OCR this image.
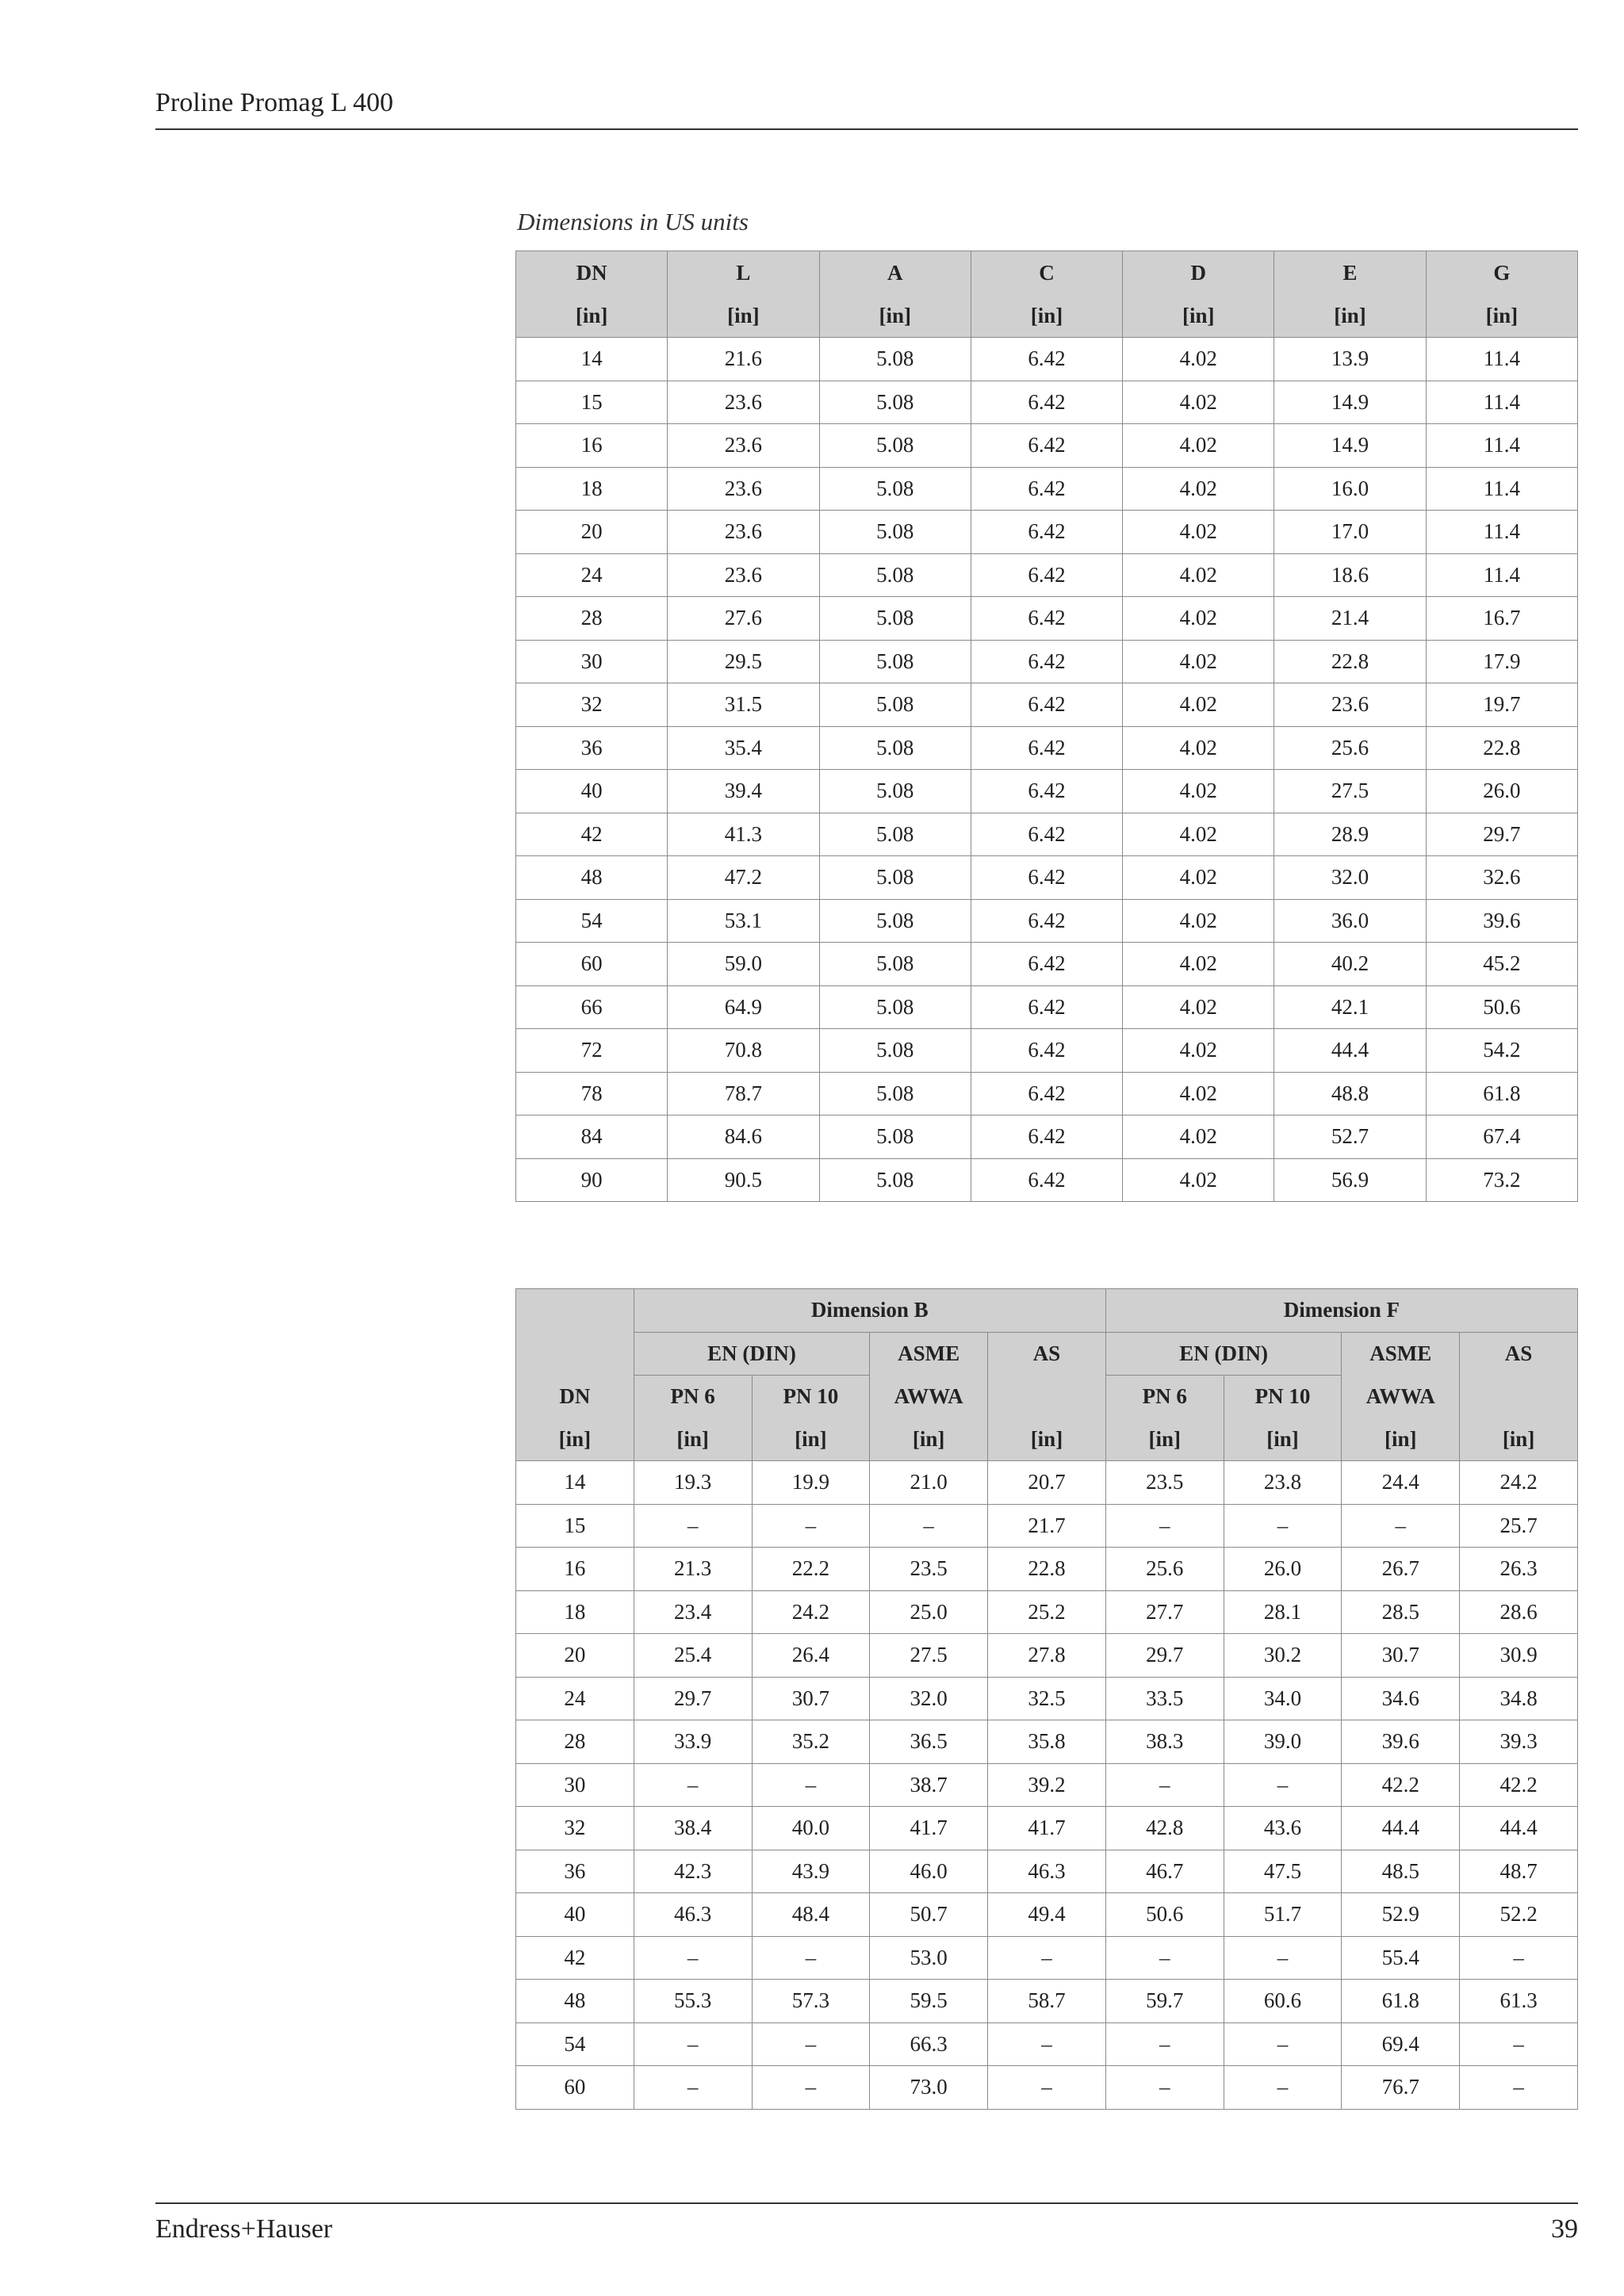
Proline Promag L 400
Dimensions in US units
DN	L	A	C	D	E	G
[in]	[in]	[in]	[in]	[in]	[in]	[in]
14	21.6	5.08	6.42	4.02	13.9	11.4
15	23.6	5.08	6.42	4.02	14.9	11.4
16	23.6	5.08	6.42	4.02	14.9	11.4
18	23.6	5.08	6.42	4.02	16.0	11.4
20	23.6	5.08	6.42	4.02	17.0	11.4
24	23.6	5.08	6.42	4.02	18.6	11.4
28	27.6	5.08	6.42	4.02	21.4	16.7
30	29.5	5.08	6.42	4.02	22.8	17.9
32	31.5	5.08	6.42	4.02	23.6	19.7
36	35.4	5.08	6.42	4.02	25.6	22.8
40	39.4	5.08	6.42	4.02	27.5	26.0
42	41.3	5.08	6.42	4.02	28.9	29.7
48	47.2	5.08	6.42	4.02	32.0	32.6
54	53.1	5.08	6.42	4.02	36.0	39.6
60	59.0	5.08	6.42	4.02	40.2	45.2
66	64.9	5.08	6.42	4.02	42.1	50.6
72	70.8	5.08	6.42	4.02	44.4	54.2
78	78.7	5.08	6.42	4.02	48.8	61.8
84	84.6	5.08	6.42	4.02	52.7	67.4
90	90.5	5.08	6.42	4.02	56.9	73.2
	Dimension B				Dimension F			
	EN (DIN)		ASME	AS	EN (DIN)		ASME	AS
DN	PN 6	PN 10	AWWA		PN 6	PN 10	AWWA	
[in]	[in]	[in]	[in]	[in]	[in]	[in]	[in]	[in]
14	19.3	19.9	21.0	20.7	23.5	23.8	24.4	24.2
15	–	–	–	21.7	–	–	–	25.7
16	21.3	22.2	23.5	22.8	25.6	26.0	26.7	26.3
18	23.4	24.2	25.0	25.2	27.7	28.1	28.5	28.6
20	25.4	26.4	27.5	27.8	29.7	30.2	30.7	30.9
24	29.7	30.7	32.0	32.5	33.5	34.0	34.6	34.8
28	33.9	35.2	36.5	35.8	38.3	39.0	39.6	39.3
30	–	–	38.7	39.2	–	–	42.2	42.2
32	38.4	40.0	41.7	41.7	42.8	43.6	44.4	44.4
36	42.3	43.9	46.0	46.3	46.7	47.5	48.5	48.7
40	46.3	48.4	50.7	49.4	50.6	51.7	52.9	52.2
42	–	–	53.0	–	–	–	55.4	–
48	55.3	57.3	59.5	58.7	59.7	60.6	61.8	61.3
54	–	–	66.3	–	–	–	69.4	–
60	–	–	73.0	–	–	–	76.7	–
Endress+Hauser	39
